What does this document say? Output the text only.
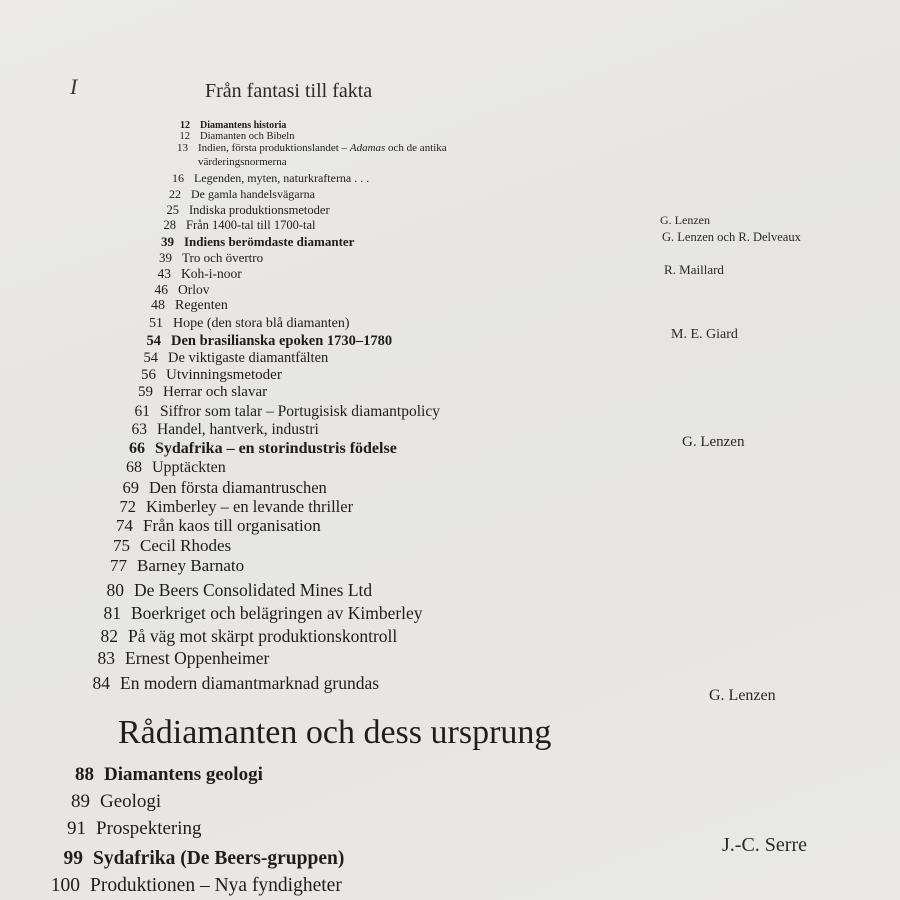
I	Från fantasi till fakta
12 Diamantens historia
12 Diamanten och Bibeln
13 Indien, första produktionslandet – Adamas och de antika
värderingsnormerna
16 Legenden, myten, naturkrafterna . . .
22 De gamla handelsvägarna
25 Indiska produktionsmetoder
28 Från 1400-tal till 1700-tal
39 Indiens berömdaste diamanter
39 Tro och övertro
43 Koh-i-noor
46 Orlov
48 Regenten
51 Hope (den stora blå diamanten)
54 Den brasilianska epoken 1730–1780
54 De viktigaste diamantfälten
56 Utvinningsmetoder
59 Herrar och slavar
61 Siffror som talar – Portugisisk diamantpolicy
63 Handel, hantverk, industri
66 Sydafrika – en storindustris födelse
68 Upptäckten
69 Den första diamantruschen
72 Kimberley – en levande thriller
74 Från kaos till organisation
75 Cecil Rhodes
77 Barney Barnato
80 De Beers Consolidated Mines Ltd
81 Boerkriget och belägringen av Kimberley
82 På väg mot skärpt produktionskontroll
83 Ernest Oppenheimer
84 En modern diamantmarknad grundas
G. Lenzen
G. Lenzen och R. Delveaux
R. Maillard
M. E. Giard
G. Lenzen
G. Lenzen
Rådiamanten och dess ursprung
88 Diamantens geologi
89 Geologi
91 Prospektering
99 Sydafrika (De Beers-gruppen)
100 Produktionen – Nya fyndigheter
J.-C. Serre
